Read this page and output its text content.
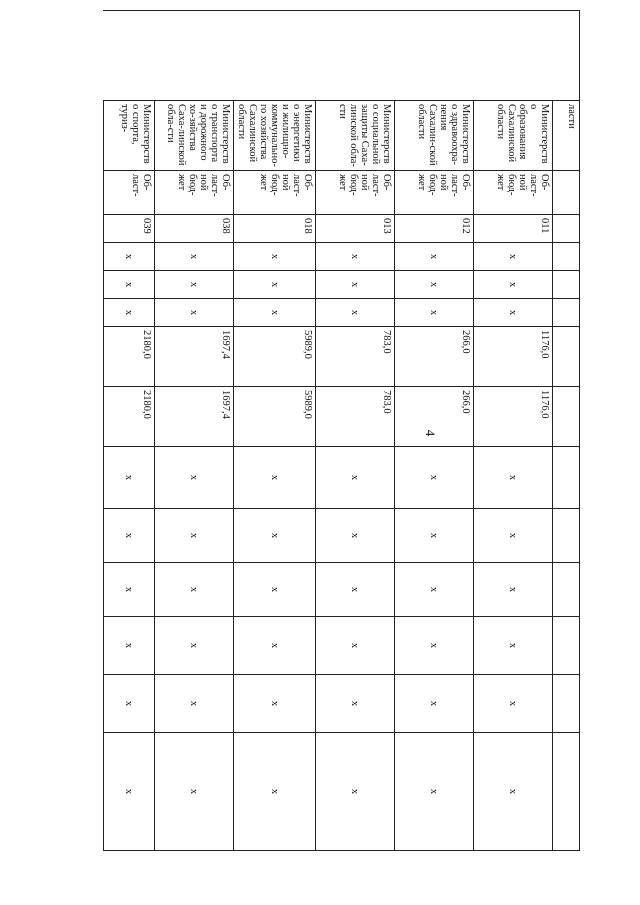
4
	ласти													
	Министерство образования Сахалинской области	Об-ласт-ной бюд-жет	011	х	х	х	1176,0	1176,0	х	х	х	х	х	х
	Министерство здравоохра-нения Сахалин-ской области	Об-ласт-ной бюд-жет	012	х	х	х	266,0	266,0	х	х	х	х	х	х
	Министерство социальной защиты Саха-линской обла-сти	Об-ласт-ной бюд-жет	013	х	х	х	783,0	783,0	х	х	х	х	х	х
	Министерство энергетики и жилищно-коммунально-го хозяйства Сахалинской области	Об-ласт-ной бюд-жет	018	х	х	х	5989,0	5989,0	х	х	х	х	х	х
	Министерство транспорта и дорожного хо-зяйства Саха-линской обла-сти	Об-ласт-ной бюд-жет	038	х	х	х	1697,4	1697,4	х	х	х	х	х	х
	Министерство спорта, туриз-	Об-ласт-	039	х	х	х	2180,0	2180,0	х	х	х	х	х	х
